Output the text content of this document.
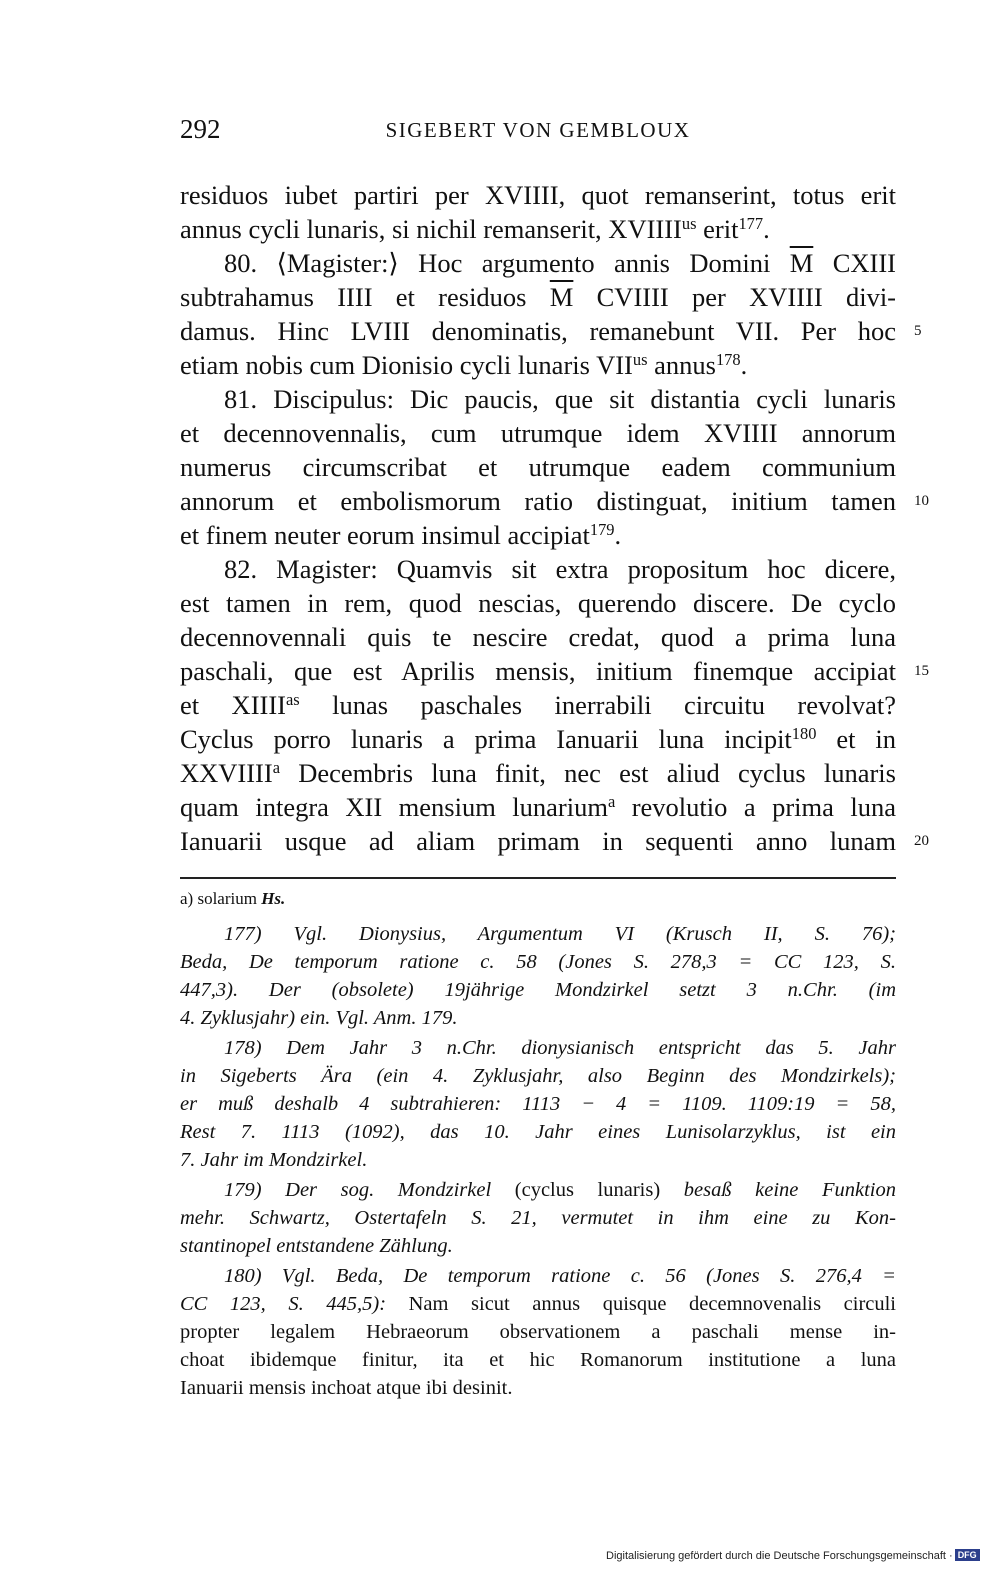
292	SIGEBERT VON GEMBLOUX
residuos iubet partiri per XVIIII, quot remanserint, totus erit
annus cycli lunaris, si nichil remanserit, $XVIIII^{us}$ erit$^{177}$.
80. ⟨Magister:⟩ Hoc argumento annis Domini $\overline{M}$ CXIII
subtrahamus IIII et residuos $\overline{M}$ CVIIII per XVIIII divi-
damus. Hinc LVIII denominatis, remanebunt VII. Per hoc
etiam nobis cum Dionisio cycli lunaris $VII^{us}$ annus$^{178}$.
81. Discipulus: Dic paucis, que sit distantia cycli lunaris
et decennovennalis, cum utrumque idem XVIIII annorum
numerus circumscribat et utrumque eadem communium
annorum et embolismorum ratio distinguat, initium tamen
et finem neuter eorum insimul accipiat$^{179}$.
82. Magister: Quamvis sit extra propositum hoc dicere,
est tamen in rem, quod nescias, querendo discere. De cyclo
decennovennali quis te nescire credat, quod a prima luna
paschali, que est Aprilis mensis, initium finemque accipiat
et $XIIII^{as}$ lunas paschales inerrabili circuitu revolvat?
Cyclus porro lunaris a prima Ianuarii luna incipit$^{180}$ et in
XXVIIII$^a$ Decembris luna finit, nec est aliud cyclus lunaris
quam integra XII mensium lunarium$^a$ revolutio a prima luna
Ianuarii usque ad aliam primam in sequenti anno lunam
5
10
15
20
a) solarium Hs.
177) Vgl. Dionysius, Argumentum VI (Krusch II, S. 76);
Beda, De temporum ratione c. 58 (Jones S. 278,3 = CC 123, S.
447,3). Der (obsolete) 19jährige Mondzirkel setzt 3 n.Chr. (im
4. Zyklusjahr) ein. Vgl. Anm. 179.
178) Dem Jahr 3 n.Chr. dionysianisch entspricht das 5. Jahr
in Sigeberts Ära (ein 4. Zyklusjahr, also Beginn des Mondzirkels);
er muß deshalb 4 subtrahieren: 1113 − 4 = 1109. 1109:19 = 58,
Rest 7. 1113 (1092), das 10. Jahr eines Lunisolarzyklus, ist ein
7. Jahr im Mondzirkel.
179) Der sog. Mondzirkel (cyclus lunaris) besaß keine Funktion
mehr. Schwartz, Ostertafeln S. 21, vermutet in ihm eine zu Kon-
stantinopel entstandene Zählung.
180) Vgl. Beda, De temporum ratione c. 56 (Jones S. 276,4 =
CC 123, S. 445,5): Nam sicut annus quisque decemnovenalis circuli
propter legalem Hebraeorum observationem a paschali mense in-
choat ibidemque finitur, ita et hic Romanorum institutione a luna
Ianuarii mensis inchoat atque ibi desinit.
Digitalisierung gefördert durch die Deutsche Forschungsgemeinschaft · DFG
